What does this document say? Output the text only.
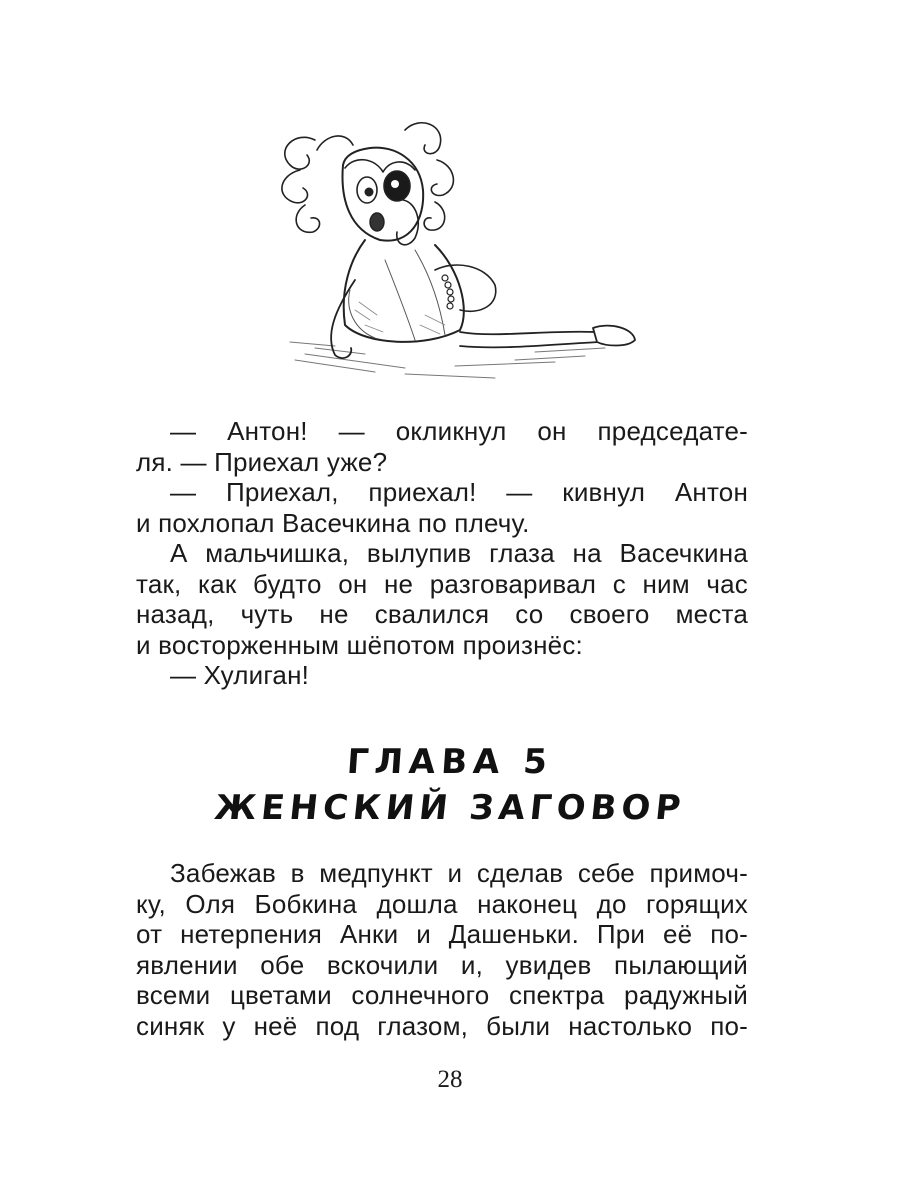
— Антон! — окликнул он председате-
ля. — Приехал уже?
— Приехал, приехал! — кивнул Антон
и похлопал Васечкина по плечу.
А мальчишка, вылупив глаза на Васечкина
так, как будто он не разговаривал с ним час
назад, чуть не свалился со своего места
и восторженным шёпотом произнёс:
— Хулиган!
ГЛАВА 5
ЖЕНСКИЙ ЗАГОВОР
Забежав в медпункт и сделав себе примоч-
ку, Оля Бобкина дошла наконец до горящих
от нетерпения Анки и Дашеньки. При её по-
явлении обе вскочили и, увидев пылающий
всеми цветами солнечного спектра радужный
синяк у неё под глазом, были настолько по-
28
